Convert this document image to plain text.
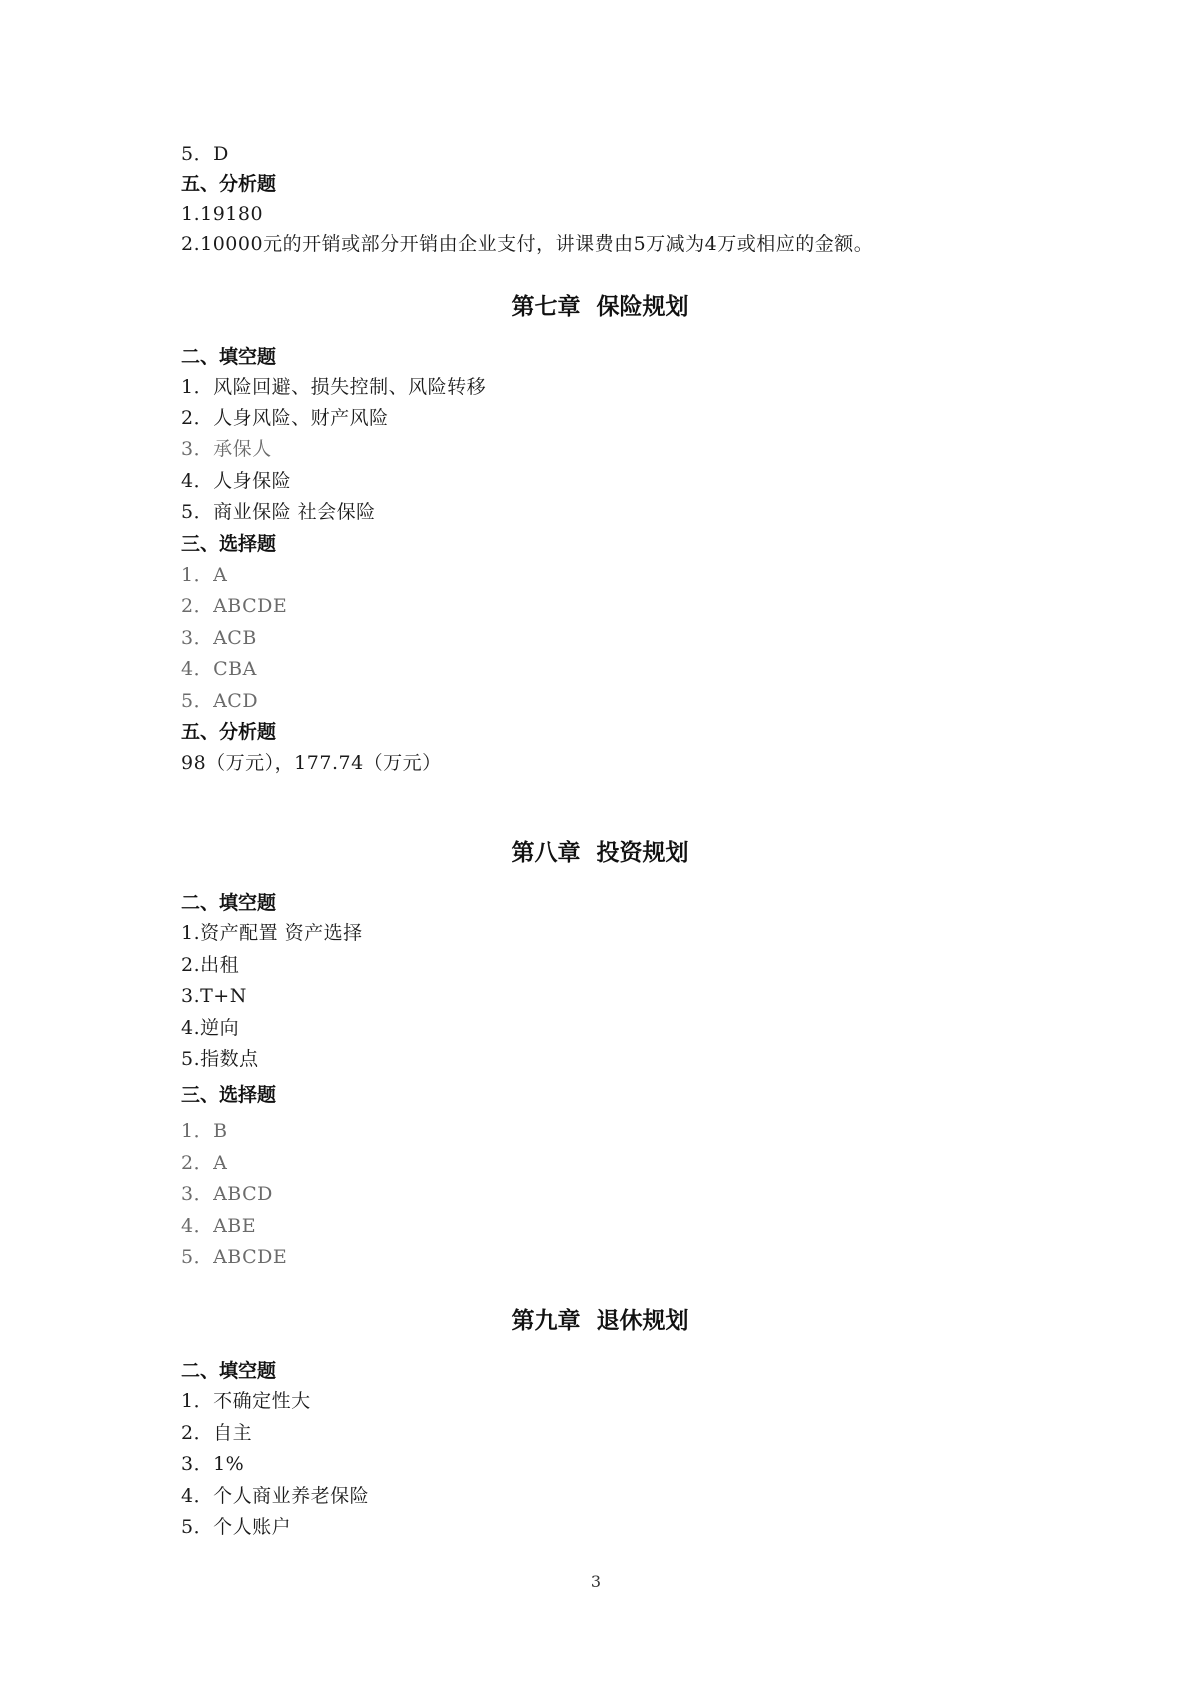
5．D
五、分析题
1.19180
2.10000元的开销或部分开销由企业支付，讲课费由5万减为4万或相应的金额。
第七章  保险规划
二、填空题
1．风险回避、损失控制、风险转移
2．人身风险、财产风险
3．承保人
4．人身保险
5．商业保险 社会保险
三、选择题
1．A
2．ABCDE
3．ACB
4．CBA
5．ACD
五、分析题
98（万元），177.74（万元）
第八章  投资规划
二、填空题
1.资产配置 资产选择
2.出租
3.T+N
4.逆向
5.指数点
三、选择题
1．B
2．A
3．ABCD
4．ABE
5．ABCDE
第九章  退休规划
二、填空题
1．不确定性大
2．自主
3．1%
4．个人商业养老保险
5．个人账户
3
